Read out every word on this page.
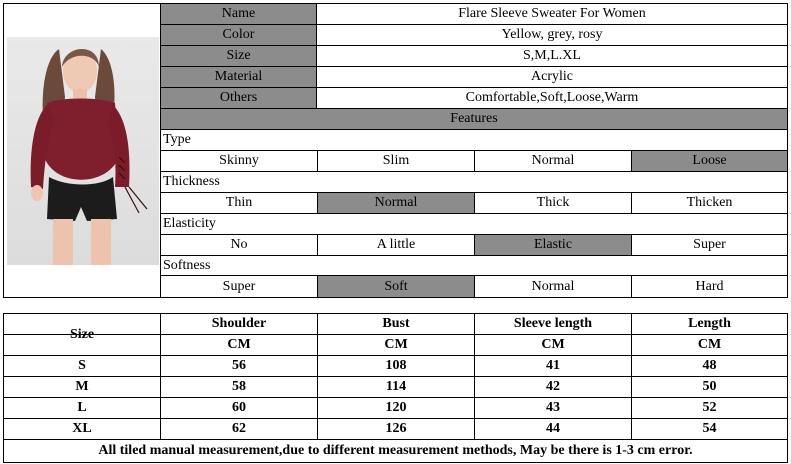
Name	Flare Sleeve Sweater For Women
Color	Yellow, grey, rosy
Size	S,M,L.XL
Material	Acrylic
Others	Comfortable,Soft,Loose,Warm
Features
Type
Skinny	Slim	Normal	Loose
Thickness
Thin	Normal	Thick	Thicken
Elasticity
No	A little	Elastic	Super
Softness
Super	Soft	Normal	Hard
Size
Shoulder	Bust	Sleeve length	Length
CM	CM	CM	CM
S	56	108	41	48
M	58	114	42	50
L	60	120	43	52
XL	62	126	44	54
All tiled manual measurement,due to different measurement methods, May be there is 1-3 cm error.
